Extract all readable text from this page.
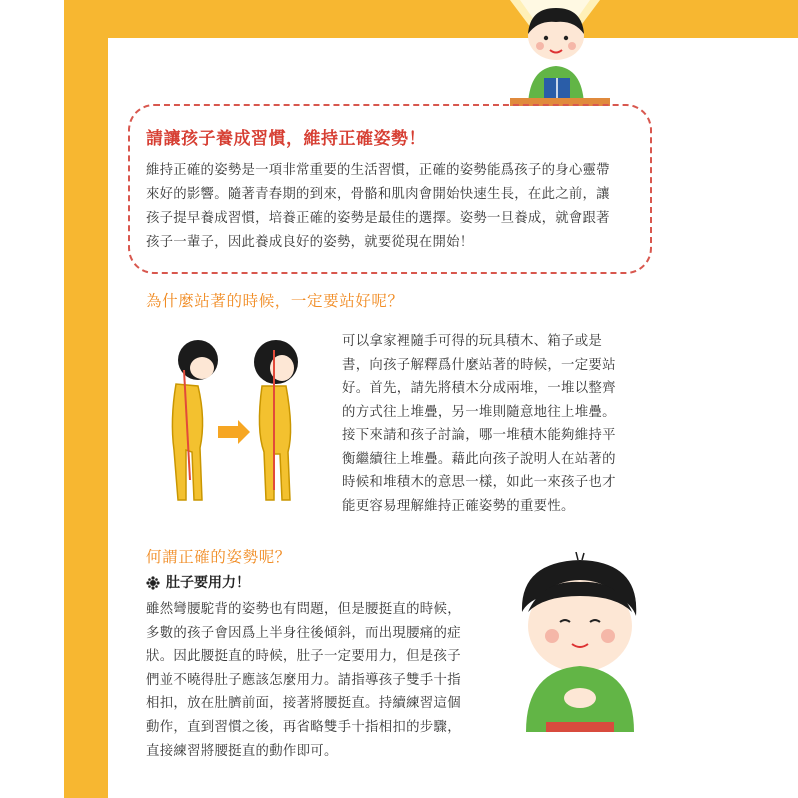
請讓孩子養成習慣，維持正確姿勢！
維持正確的姿勢是一項非常重要的生活習慣，正確的姿勢能爲孩子的身心靈帶
來好的影響。隨著青春期的到來，骨骼和肌肉會開始快速生長，在此之前，讓
孩子提早養成習慣，培養正確的姿勢是最佳的選擇。姿勢一旦養成，就會跟著
孩子一輩子，因此養成良好的姿勢，就要從現在開始！
為什麼站著的時候，一定要站好呢？
可以拿家裡隨手可得的玩具積木、箱子或是
書，向孩子解釋爲什麼站著的時候，一定要站
好。首先，請先將積木分成兩堆，一堆以整齊
的方式往上堆疊，另一堆則隨意地往上堆疊。
接下來請和孩子討論，哪一堆積木能夠維持平
衡繼續往上堆疊。藉此向孩子說明人在站著的
時候和堆積木的意思一樣，如此一來孩子也才
能更容易理解維持正確姿勢的重要性。
何謂正確的姿勢呢？
肚子要用力！
雖然彎腰駝背的姿勢也有問題，但是腰挺直的時候，
多數的孩子會因爲上半身往後傾斜，而出現腰痛的症
狀。因此腰挺直的時候，肚子一定要用力，但是孩子
們並不曉得肚子應該怎麼用力。請指導孩子雙手十指
相扣，放在肚臍前面，接著將腰挺直。持續練習這個
動作，直到習慣之後，再省略雙手十指相扣的步驟，
直接練習將腰挺直的動作即可。
